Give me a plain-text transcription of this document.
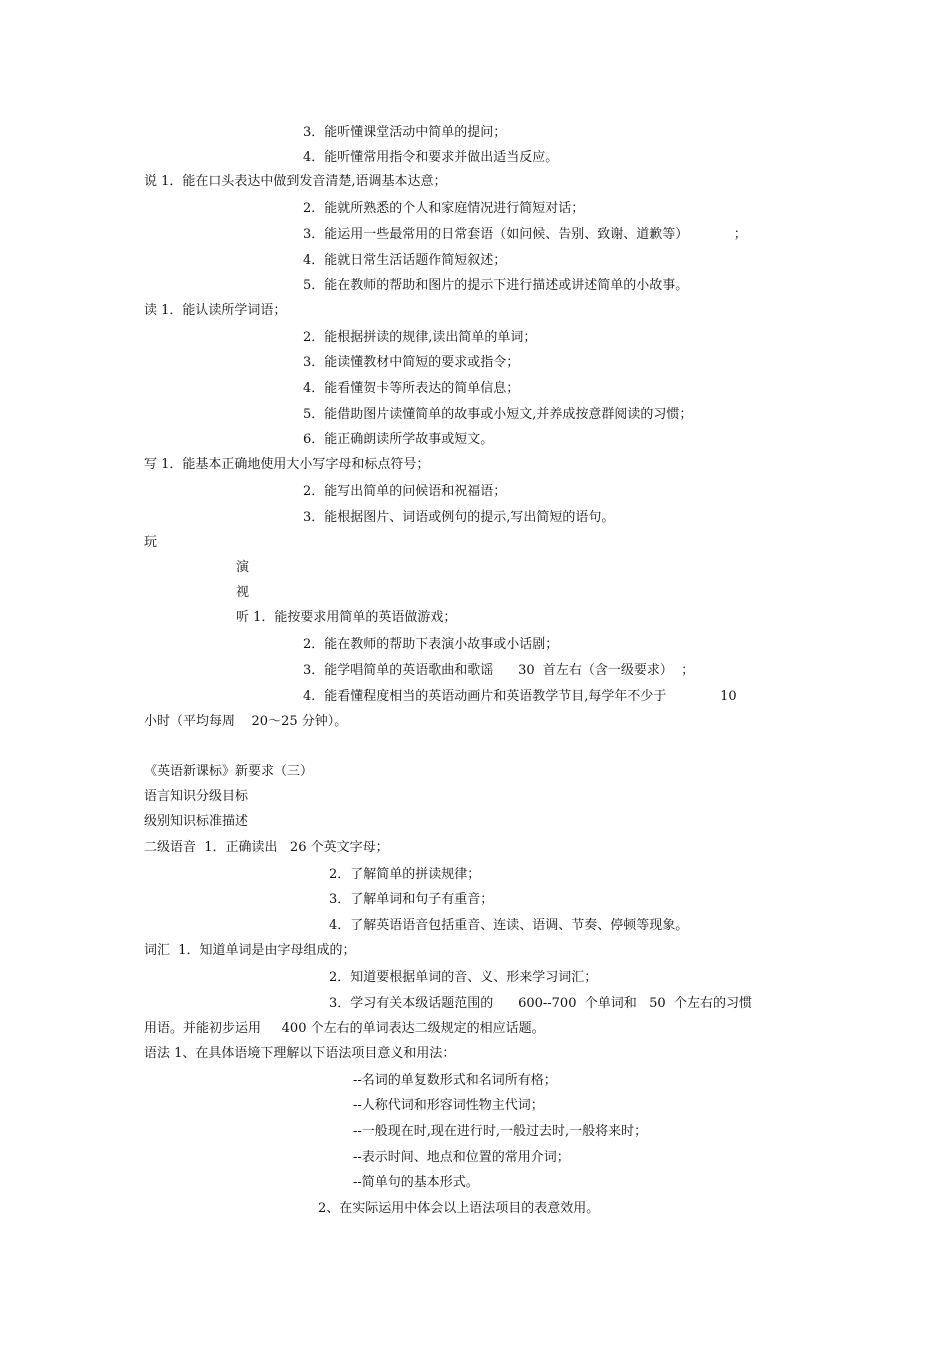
3．能听懂课堂活动中简单的提问；
4．能听懂常用指令和要求并做出适当反应。
说 1．能在口头表达中做到发音清楚,语调基本达意；
2．能就所熟悉的个人和家庭情况进行简短对话；
3．能运用一些最常用的日常套语（如问候、告别、致谢、道歉等）           ；
4．能就日常生活话题作简短叙述；
5．能在教师的帮助和图片的提示下进行描述或讲述简单的小故事。
读 1．能认读所学词语；
2．能根据拼读的规律,读出简单的单词；
3．能读懂教材中简短的要求或指令；
4．能看懂贺卡等所表达的简单信息；
5．能借助图片读懂简单的故事或小短文,并养成按意群阅读的习惯；
6．能正确朗读所学故事或短文。
写 1．能基本正确地使用大小写字母和标点符号；
2．能写出简单的问候语和祝福语；
3．能根据图片、词语或例句的提示,写出简短的语句。
玩
演
视
听 1．能按要求用简单的英语做游戏；
2．能在教师的帮助下表演小故事或小话剧；
3．能学唱简单的英语歌曲和歌谣      30  首左右（含一级要求）  ；
4．能看懂程度相当的英语动画片和英语教学节目,每学年不少于             10
小时（平均每周    20～25 分钟）。
《英语新课标》新要求（三）
语言知识分级目标
级别知识标准描述
二级语音  1．正确读出   26 个英文字母；
2．了解简单的拼读规律；
3．了解单词和句子有重音；
4．了解英语语音包括重音、连读、语调、节奏、停顿等现象。
词汇  1．知道单词是由字母组成的；
2．知道要根据单词的音、义、形来学习词汇；
3．学习有关本级话题范围的      600--700  个单词和   50  个左右的习惯
用语。并能初步运用     400 个左右的单词表达二级规定的相应话题。
语法 1、在具体语境下理解以下语法项目意义和用法：
--名词的单复数形式和名词所有格；
--人称代词和形容词性物主代词；
--一般现在时,现在进行时,一般过去时,一般将来时；
--表示时间、地点和位置的常用介词；
--简单句的基本形式。
2、在实际运用中体会以上语法项目的表意效用。
